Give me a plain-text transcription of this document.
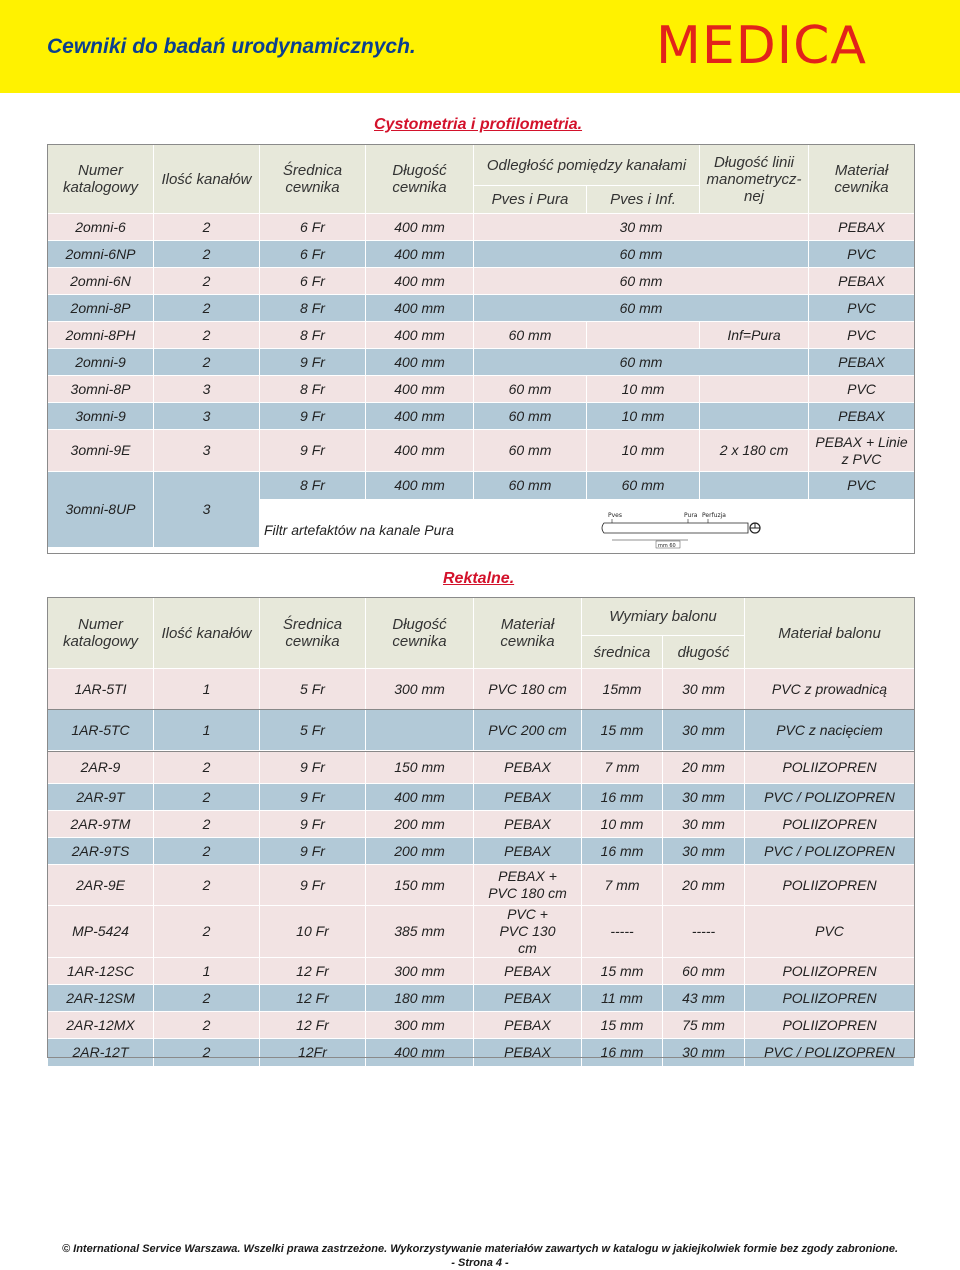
Cewniki do badań urodynamicznych.	MEDICA
Cystometria i profilometria.
Numer katalogowy	Ilość kanałów	Średnica cewnika	Długość cewnika	Odległość pomiędzy kanałami		Długość linii manometrycz-nej	Materiał cewnika
				Pves i Pura	Pves i Inf.		
2omni-6	2	6 Fr	400 mm	30 mm			PEBAX
2omni-6NP	2	6 Fr	400 mm	60 mm			PVC
2omni-6N	2	6 Fr	400 mm	60 mm			PEBAX
2omni-8P	2	8 Fr	400 mm	60 mm			PVC
2omni-8PH	2	8 Fr	400 mm	60 mm		Inf=Pura	PVC
2omni-9	2	9 Fr	400 mm	60 mm			PEBAX
3omni-8P	3	8 Fr	400 mm	60 mm	10 mm		PVC
3omni-9	3	9 Fr	400 mm	60 mm	10 mm		PEBAX
3omni-9E	3	9 Fr	400 mm	60 mm	10 mm	2 x 180 cm	PEBAX + Linie z PVC
3omni-8UP	3	8 Fr	400 mm	60 mm	60 mm		PVC
		Filtr artefaktów na kanale Pura					
Pves	Pura Perfuzja
mm 60
Rektalne.
Numer katalogowy	Ilość kanałów	Średnica cewnika	Długość cewnika	Materiał cewnika	Wymiary balonu		Materiał balonu
					średnica	długość	
1AR-5TI	1	5 Fr	300 mm	PVC 180 cm	15mm	30 mm	PVC z prowadnicą
1AR-5TC	1	5 Fr		PVC 200 cm	15 mm	30 mm	PVC z nacięciem
2AR-9	2	9 Fr	150 mm	PEBAX	7 mm	20 mm	POLIIZOPREN
2AR-9T	2	9 Fr	400 mm	PEBAX	16 mm	30 mm	PVC / POLIZOPREN
2AR-9TM	2	9 Fr	200 mm	PEBAX	10 mm	30 mm	POLIIZOPREN
2AR-9TS	2	9 Fr	200 mm	PEBAX	16 mm	30 mm	PVC / POLIZOPREN
2AR-9E	2	9 Fr	150 mm	PEBAX + PVC 180 cm	7 mm	20 mm	POLIIZOPREN
MP-5424	2	10 Fr	385 mm	PVC + PVC 130 cm	-----	-----	PVC
1AR-12SC	1	12 Fr	300 mm	PEBAX	15 mm	60 mm	POLIIZOPREN
2AR-12SM	2	12 Fr	180 mm	PEBAX	11 mm	43 mm	POLIIZOPREN
2AR-12MX	2	12 Fr	300 mm	PEBAX	15 mm	75 mm	POLIIZOPREN
2AR-12T	2	12Fr	400 mm	PEBAX	16 mm	30 mm	PVC / POLIZOPREN
© International Service Warszawa. Wszelki prawa zastrzeżone. Wykorzystywanie materiałów zawartych w katalogu w jakiejkolwiek formie bez zgody zabronione.
- Strona 4 -
